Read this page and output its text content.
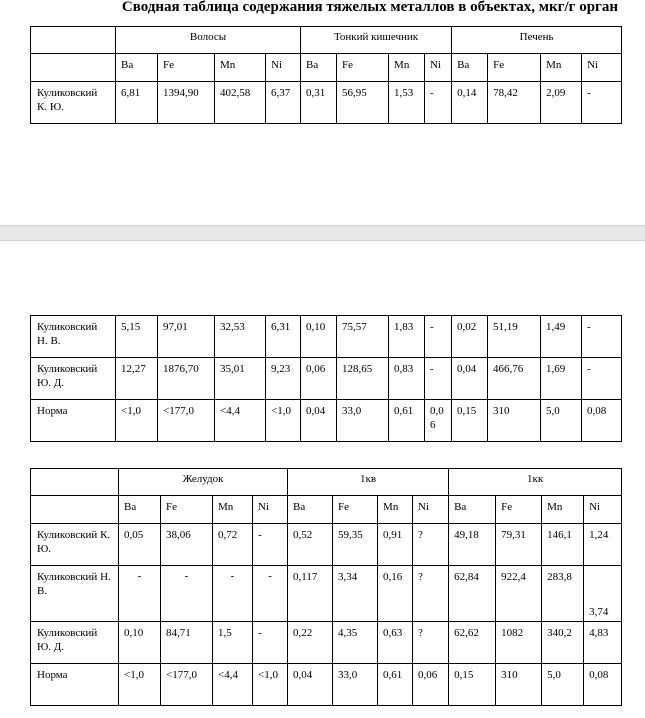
Сводная таблица содержания тяжелых металлов в объектах, мкг/г орган
	Волосы				Тонкий кишечник				Печень			
	Ba	Fe	Mn	Ni	Ba	Fe	Mn	Ni	Ba	Fe	Mn	Ni
Куликовский К. Ю.	6,81	1394,90	402,58	6,37	0,31	56,95	1,53	-	0,14	78,42	2,09	-
Куликовский Н. В.	5,15	97,01	32,53	6,31	0,10	75,57	1,83	-	0,02	51,19	1,49	-
Куликовский Ю. Д.	12,27	1876,70	35,01	9,23	0,06	128,65	0,83	-	0,04	466,76	1,69	-
Норма	<1,0	<177,0	<4,4	<1,0	0,04	33,0	0,61	0,06	0,15	310	5,0	0,08
	Желудок				1кв				1кк			
	Ba	Fe	Mn	Ni	Ba	Fe	Mn	Ni	Ba	Fe	Mn	Ni
Куликовский К. Ю.	0,05	38,06	0,72	-	0,52	59,35	0,91	?	49,18	79,31	146,1	1,24
Куликовский Н. В.	-	-	-	-	0,117	3,34	0,16	?	62,84	922,4	283,8	3,74
Куликовский Ю. Д.	0,10	84,71	1,5	-	0,22	4,35	0,63	?	62,62	1082	340,2	4,83
Норма	<1,0	<177,0	<4,4	<1,0	0,04	33,0	0,61	0,06	0,15	310	5,0	0,08
